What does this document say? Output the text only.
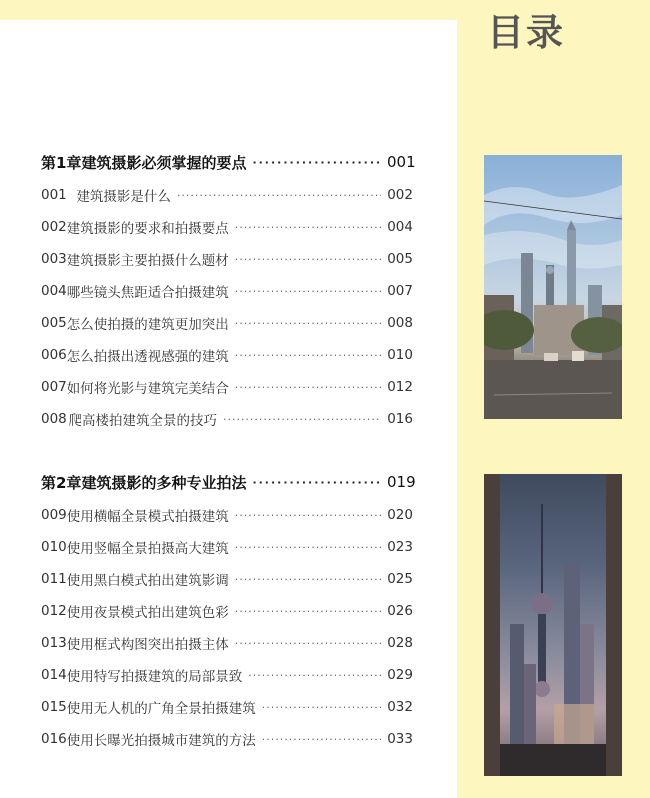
目录
第1章 建筑摄影必须掌握的要点 ·····	001
001 建筑摄影是什么 ·····	002
002 建筑摄影的要求和拍摄要点 ·····	004
003 建筑摄影主要拍摄什么题材 ·····	005
004 哪些镜头焦距适合拍摄建筑 ·····	007
005 怎么使拍摄的建筑更加突出 ·····	008
006 怎么拍摄出透视感强的建筑 ·····	010
007 如何将光影与建筑完美结合 ·····	012
008 爬高楼拍建筑全景的技巧 ·····	016
第2章 建筑摄影的多种专业拍法 ·····	019
009 使用横幅全景模式拍摄建筑 ·····	020
010 使用竖幅全景拍摄高大建筑 ·····	023
011 使用黑白模式拍出建筑影调 ·····	025
012 使用夜景模式拍出建筑色彩 ·····	026
013 使用框式构图突出拍摄主体 ·····	028
014 使用特写拍摄建筑的局部景致 ·····	029
015 使用无人机的广角全景拍摄建筑 ·····	032
016 使用长曝光拍摄城市建筑的方法 ·····	033
